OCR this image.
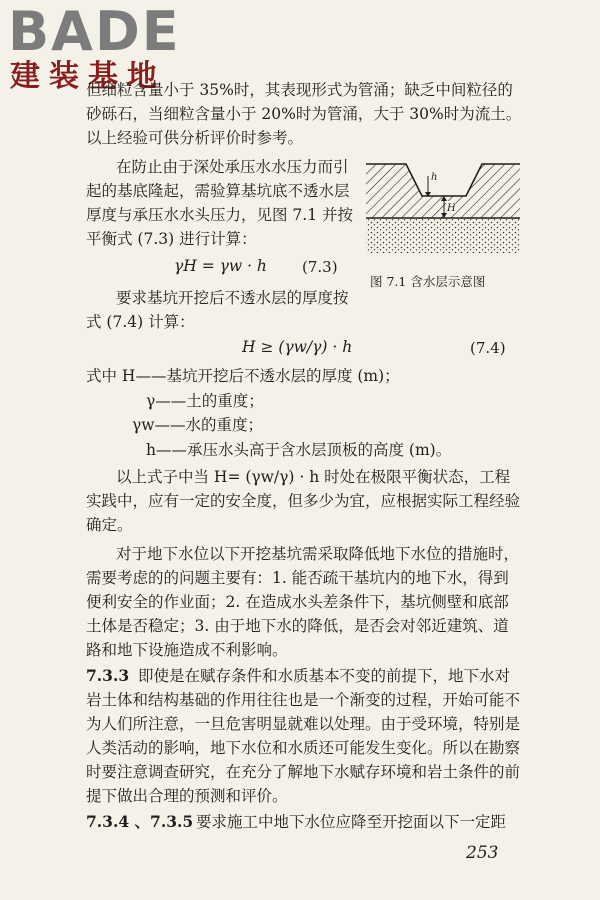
BADE
建装基地
但细粒含量小于 35%时，其表现形式为管涌；缺乏中间粒径的
砂砾石，当细粒含量小于 20%时为管涌，大于 30%时为流土。
以上经验可供分析评价时参考。
在防止由于深处承压水水压力而引
起的基底隆起，需验算基坑底不透水层
厚度与承压水水头压力，见图 7.1 并按
平衡式 (7.3) 进行计算：
γH = γw · h (7.3)
要求基坑开挖后不透水层的厚度按
式 (7.4) 计算：
H ≥ (γw/γ) · h	(7.4)
式中 H——基坑开挖后不透水层的厚度 (m)；
γ——土的重度；
γw——水的重度；
h——承压水头高于含水层顶板的高度 (m)。
以上式子中当 H= (γw/γ) · h 时处在极限平衡状态，工程
实践中，应有一定的安全度，但多少为宜，应根据实际工程经验
确定。
对于地下水位以下开挖基坑需采取降低地下水位的措施时，
需要考虑的的问题主要有：1. 能否疏干基坑内的地下水，得到
便利安全的作业面；2. 在造成水头差条件下，基坑侧壁和底部
土体是否稳定；3. 由于地下水的降低，是否会对邻近建筑、道
路和地下设施造成不利影响。
7.3.3 即使是在赋存条件和水质基本不变的前提下，地下水对
岩土体和结构基础的作用往往也是一个渐变的过程，开始可能不
为人们所注意，一旦危害明显就难以处理。由于受环境，特别是
人类活动的影响，地下水位和水质还可能发生变化。所以在勘察
时要注意调查研究，在充分了解地下水赋存环境和岩土条件的前
提下做出合理的预测和评价。
7.3.4 、7.3.5 要求施工中地下水位应降至开挖面以下一定距
h
H
图 7.1 含水层示意图
253
